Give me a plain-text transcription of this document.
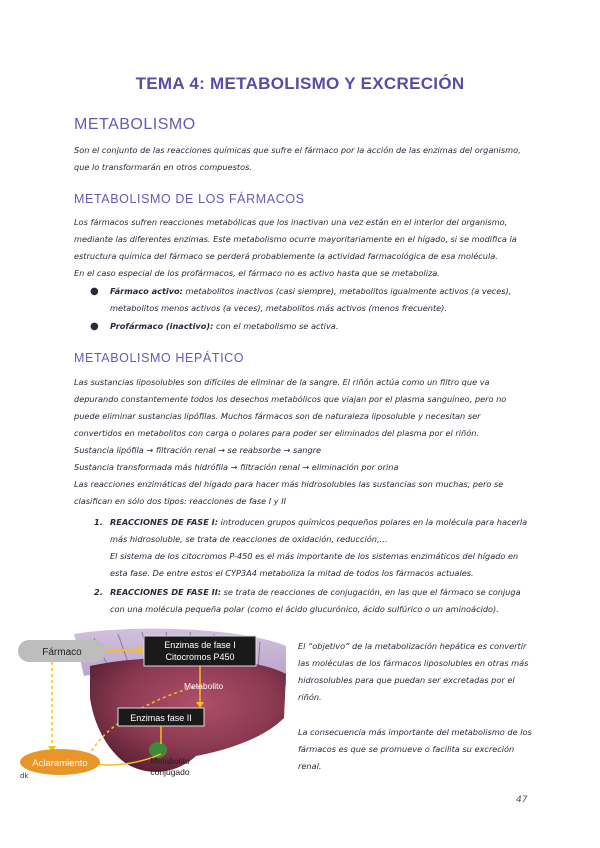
TEMA 4: METABOLISMO Y EXCRECIÓN
METABOLISMO

Son el conjunto de las reacciones químicas que sufre el fármaco por la acción de las enzimas del organismo, que lo transformarán en otros compuestos.

METABOLISMO DE LOS FÁRMACOS

Los fármacos sufren reacciones metabólicas que los inactivan una vez están en el interior del organismo, mediante las diferentes enzimas. Este metabolismo ocurre mayoritariamente en el hígado, si se modifica la estructura química del fármaco se perderá probablemente la actividad farmacológica de esa molécula.

En el caso especial de los profármacos, el fármaco no es activo hasta que se metaboliza.

● Fármaco activo: metabolitos inactivos (casi siempre), metabolitos igualmente activos (a veces), metabolitos menos activos (a veces), metabolitos más activos (menos frecuente).
● Profármaco (inactivo): con el metabolismo se activa.
METABOLISMO HEPÁTICO

Las sustancias liposolubles son difíciles de eliminar de la sangre. El riñón actúa como un filtro que va depurando constantemente todos los desechos metabólicos que viajan por el plasma sanguíneo, pero no puede eliminar sustancias lipófilas. Muchos fármacos son de naturaleza liposoluble y necesitan ser convertidos en metabolitos con carga o polares para poder ser eliminados del plasma por el riñón.

Sustancia lipófila → filtración renal → se reabsorbe → sangre

Sustancia transformada más hidrófila → filtración renal → eliminación por orina

Las reacciones enzimáticas del hígado para hacer más hidrosolubles las sustancias son muchas, pero se clasifican en sólo dos tipos: reacciones de fase I y II

1. REACCIONES DE FASE I: introducen grupos químicos pequeños polares en la molécula para hacerla más hidrosoluble, se trata de reacciones de oxidación, reducción,…
El sistema de los citocromos P-450 es el más importante de los sistemas enzimáticos del hígado en esta fase. De entre estos el CYP3A4 metaboliza la mitad de todos los fármacos actuales.
2. REACCIONES DE FASE II: se trata de reacciones de conjugación, en las que el fármaco se conjuga con una molécula pequeña polar (como el ácido glucurónico, ácido sulfúrico o un aminoácido).
Fármaco
Enzimas de fase I
Citocromos P450
Metabolito
Enzimas fase II
Aclaramiento	Metabolito
conjugado
dk
El “objetivo” de la metabolización hepática es convertir las moléculas de los fármacos liposolubles en otras más hidrosolubles para que puedan ser excretadas por el riñón.
La consecuencia más importante del metabolismo de los fármacos es que se promueve o facilita su excreción renal.
47
